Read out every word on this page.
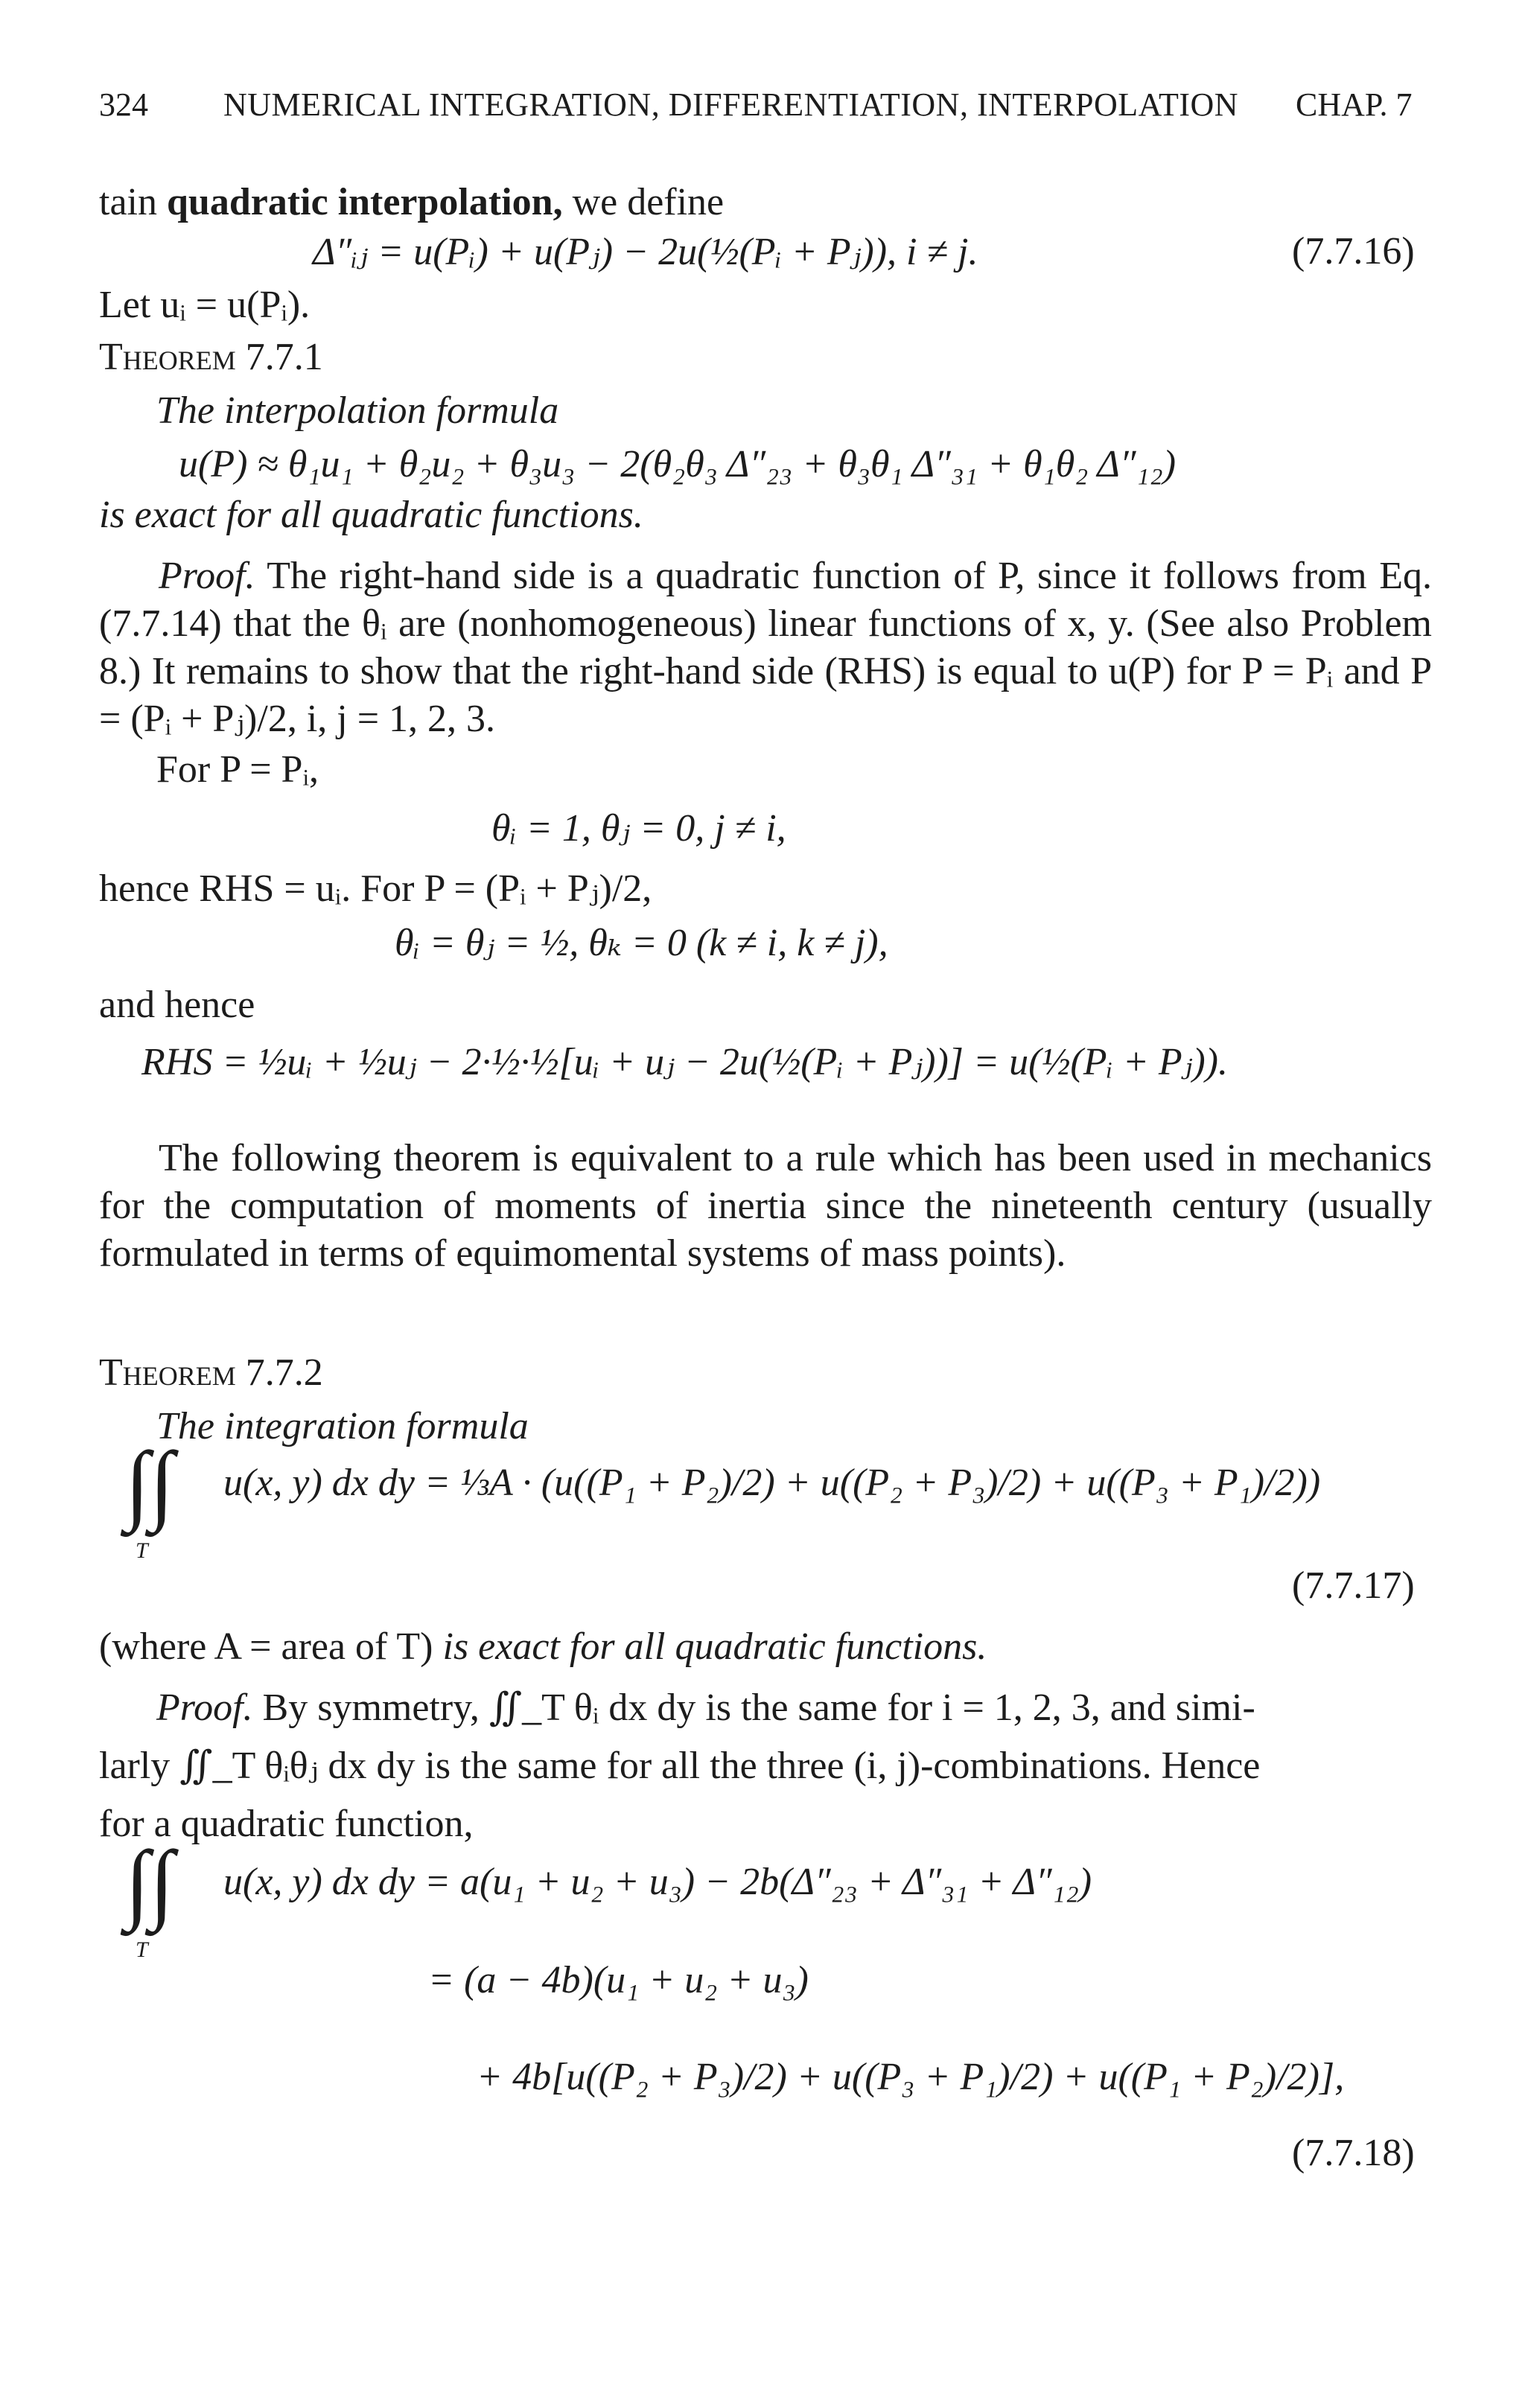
324 NUMERICAL INTEGRATION, DIFFERENTIATION, INTERPOLATION CHAP. 7
tain quadratic interpolation, we define
Δ″ᵢⱼ = u(Pᵢ) + u(Pⱼ) − 2u(½(Pᵢ + Pⱼ)), i ≠ j.	(7.7.16)
Let uᵢ = u(Pᵢ).
Theorem 7.7.1
The interpolation formula
u(P) ≈ θ₁u₁ + θ₂u₂ + θ₃u₃ − 2(θ₂θ₃ Δ″₂₃ + θ₃θ₁ Δ″₃₁ + θ₁θ₂ Δ″₁₂)
is exact for all quadratic functions.
Proof. The right-hand side is a quadratic function of P, since it follows from Eq. (7.7.14) that the θᵢ are (nonhomogeneous) linear functions of x, y. (See also Problem 8.) It remains to show that the right-hand side (RHS) is equal to u(P) for P = Pᵢ and P = (Pᵢ + Pⱼ)/2, i, j = 1, 2, 3.
For P = Pᵢ,
θᵢ = 1, θⱼ = 0, j ≠ i,
hence RHS = uᵢ. For P = (Pᵢ + Pⱼ)/2,
θᵢ = θⱼ = ½, θₖ = 0 (k ≠ i, k ≠ j),
and hence
RHS = ½uᵢ + ½uⱼ − 2·½·½[uᵢ + uⱼ − 2u(½(Pᵢ + Pⱼ))] = u(½(Pᵢ + Pⱼ)).
The following theorem is equivalent to a rule which has been used in mechanics for the computation of moments of inertia since the nineteenth century (usually formulated in terms of equimomental systems of mass points).
Theorem 7.7.2
The integration formula
∫∫
T
u(x, y) dx dy = ⅓A · (u((P₁ + P₂)/2) + u((P₂ + P₃)/2) + u((P₃ + P₁)/2))
(7.7.17)
(where A = area of T) is exact for all quadratic functions.
Proof. By symmetry, ∬_T θᵢ dx dy is the same for i = 1, 2, 3, and simi-
larly ∬_T θᵢθⱼ dx dy is the same for all the three (i, j)-combinations. Hence
for a quadratic function,
∫∫
T
u(x, y) dx dy = a(u₁ + u₂ + u₃) − 2b(Δ″₂₃ + Δ″₃₁ + Δ″₁₂)
= (a − 4b)(u₁ + u₂ + u₃)
+ 4b[u((P₂ + P₃)/2) + u((P₃ + P₁)/2) + u((P₁ + P₂)/2)],
(7.7.18)
